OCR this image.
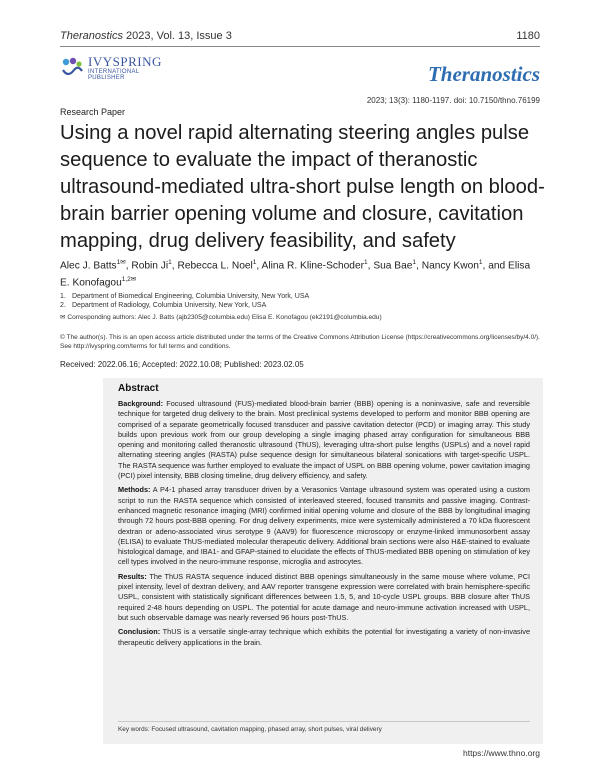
Theranostics 2023, Vol. 13, Issue 3	1180
IVYSPRING
INTERNATIONAL PUBLISHER	Theranostics
2023; 13(3): 1180-1197. doi: 10.7150/thno.76199
Research Paper
Using a novel rapid alternating steering angles pulse sequence to evaluate the impact of theranostic ultrasound-mediated ultra-short pulse length on blood-brain barrier opening volume and closure, cavitation mapping, drug delivery feasibility, and safety
Alec J. Batts$^{1✉}$, Robin Ji$^1$, Rebecca L. Noel$^1$, Alina R. Kline-Schoder$^1$, Sua Bae$^1$, Nancy Kwon$^1$, and Elisa E. Konofagou$^{1,2✉}$
1. Department of Biomedical Engineering, Columbia University, New York, USA
2. Department of Radiology, Columbia University, New York, USA
✉ Corresponding authors: Alec J. Batts (ajb2305@columbia.edu) Elisa E. Konofagou (ek2191@columbia.edu)
© The author(s). This is an open access article distributed under the terms of the Creative Commons Attribution License (https://creativecommons.org/licenses/by/4.0/). See http://ivyspring.com/terms for full terms and conditions.
Received: 2022.06.16; Accepted: 2022.10.08; Published: 2023.02.05
Abstract

Background: Focused ultrasound (FUS)-mediated blood-brain barrier (BBB) opening is a noninvasive, safe and reversible technique for targeted drug delivery to the brain. Most preclinical systems developed to perform and monitor BBB opening are comprised of a separate geometrically focused transducer and passive cavitation detector (PCD) or imaging array. This study builds upon previous work from our group developing a single imaging phased array configuration for simultaneous BBB opening and monitoring called theranostic ultrasound (ThUS), leveraging ultra-short pulse lengths (USPLs) and a novel rapid alternating steering angles (RASTA) pulse sequence design for simultaneous bilateral sonications with target-specific USPL. The RASTA sequence was further employed to evaluate the impact of USPL on BBB opening volume, power cavitation imaging (PCI) pixel intensity, BBB closing timeline, drug delivery efficiency, and safety.

Methods: A P4-1 phased array transducer driven by a Verasonics Vantage ultrasound system was operated using a custom script to run the RASTA sequence which consisted of interleaved steered, focused transmits and passive imaging. Contrast-enhanced magnetic resonance imaging (MRI) confirmed initial opening volume and closure of the BBB by longitudinal imaging through 72 hours post-BBB opening. For drug delivery experiments, mice were systemically administered a 70 kDa fluorescent dextran or adeno-associated virus serotype 9 (AAV9) for fluorescence microscopy or enzyme-linked immunosorbent assay (ELISA) to evaluate ThUS-mediated molecular therapeutic delivery. Additional brain sections were also H&E-stained to evaluate histological damage, and IBA1- and GFAP-stained to elucidate the effects of ThUS-mediated BBB opening on stimulation of key cell types involved in the neuro-immune response, microglia and astrocytes.

Results: The ThUS RASTA sequence induced distinct BBB openings simultaneously in the same mouse where volume, PCI pixel intensity, level of dextran delivery, and AAV reporter transgene expression were correlated with brain hemisphere-specific USPL, consistent with statistically significant differences between 1.5, 5, and 10-cycle USPL groups. BBB closure after ThUS required 2-48 hours depending on USPL. The potential for acute damage and neuro-immune activation increased with USPL, but such observable damage was nearly reversed 96 hours post-ThUS.

Conclusion: ThUS is a versatile single-array technique which exhibits the potential for investigating a variety of non-invasive therapeutic delivery applications in the brain.

Key words: Focused ultrasound, cavitation mapping, phased array, short pulses, viral delivery
https://www.thno.org
